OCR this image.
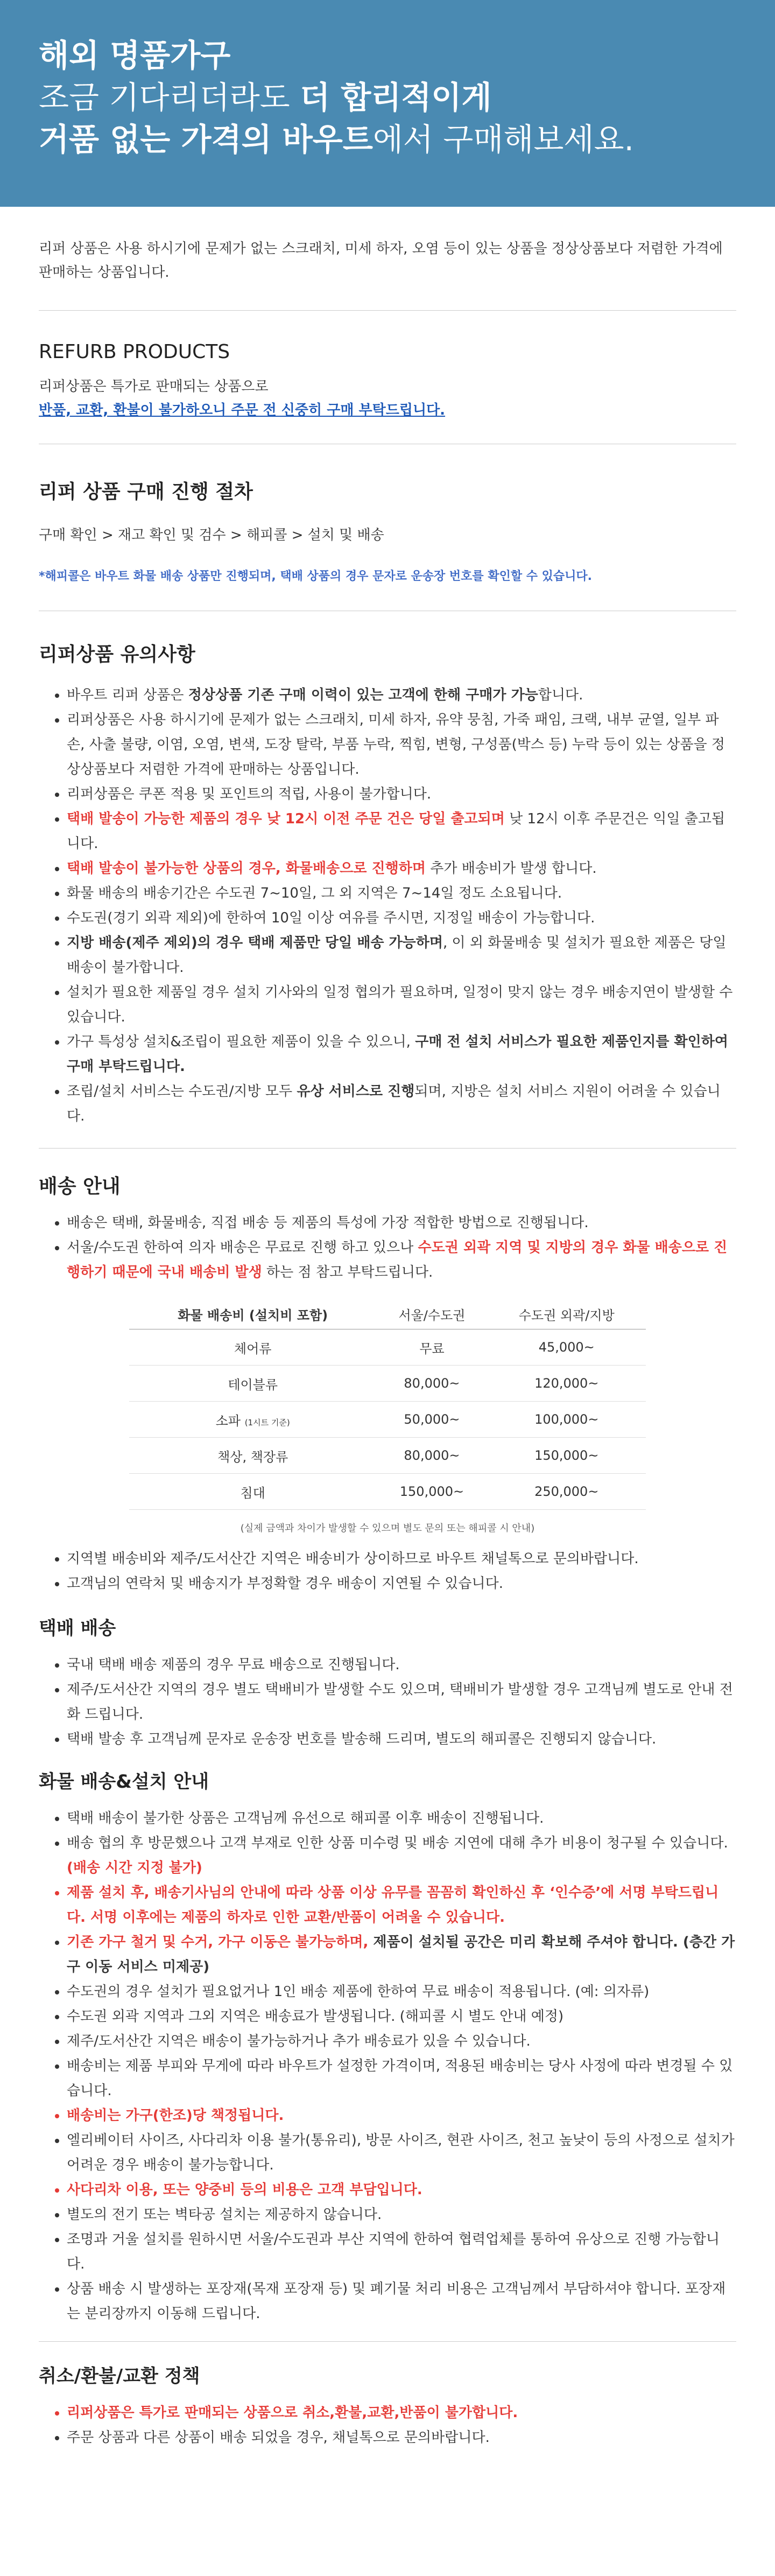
해외 명품가구
조금 기다리더라도 더 합리적이게
거품 없는 가격의 바우트에서 구매해보세요.
리퍼 상품은 사용 하시기에 문제가 없는 스크래치, 미세 하자, 오염 등이 있는 상품을 정상상품보다 저렴한 가격에 판매하는 상품입니다.
REFURB PRODUCTS

리퍼상품은 특가로 판매되는 상품으로

반품, 교환, 환불이 불가하오니 주문 전 신중히 구매 부탁드립니다.

리퍼 상품 구매 진행 절차

구매 확인 > 재고 확인 및 검수 > 해피콜 > 설치 및 배송

*해피콜은 바우트 화물 배송 상품만 진행되며, 택배 상품의 경우 문자로 운송장 번호를 확인할 수 있습니다.
리퍼상품 유의사항
• 바우트 리퍼 상품은 정상상품 기존 구매 이력이 있는 고객에 한해 구매가 가능합니다.
• 리퍼상품은 사용 하시기에 문제가 없는 스크래치, 미세 하자, 유약 뭉침, 가죽 패임, 크랙, 내부 균열, 일부 파손, 사출 불량, 이염, 오염, 변색, 도장 탈락, 부품 누락, 찍힘, 변형, 구성품(박스 등) 누락 등이 있는 상품을 정상상품보다 저렴한 가격에 판매하는 상품입니다.
• 리퍼상품은 쿠폰 적용 및 포인트의 적립, 사용이 불가합니다.
• 택배 발송이 가능한 제품의 경우 낮 12시 이전 주문 건은 당일 출고되며 낮 12시 이후 주문건은 익일 출고됩니다.
• 택배 발송이 불가능한 상품의 경우, 화물배송으로 진행하며 추가 배송비가 발생 합니다.
• 화물 배송의 배송기간은 수도권 7~10일, 그 외 지역은 7~14일 정도 소요됩니다.
• 수도권(경기 외곽 제외)에 한하여 10일 이상 여유를 주시면, 지정일 배송이 가능합니다.
• 지방 배송(제주 제외)의 경우 택배 제품만 당일 배송 가능하며, 이 외 화물배송 및 설치가 필요한 제품은 당일 배송이 불가합니다.
• 설치가 필요한 제품일 경우 설치 기사와의 일정 협의가 필요하며, 일정이 맞지 않는 경우 배송지연이 발생할 수 있습니다.
• 가구 특성상 설치&조립이 필요한 제품이 있을 수 있으니, 구매 전 설치 서비스가 필요한 제품인지를 확인하여 구매 부탁드립니다.
• 조립/설치 서비스는 수도권/지방 모두 유상 서비스로 진행되며, 지방은 설치 서비스 지원이 어려울 수 있습니다.
배송 안내
• 배송은 택배, 화물배송, 직접 배송 등 제품의 특성에 가장 적합한 방법으로 진행됩니다.
• 서울/수도권 한하여 의자 배송은 무료로 진행 하고 있으나 수도권 외곽 지역 및 지방의 경우 화물 배송으로 진행하기 때문에 국내 배송비 발생 하는 점 참고 부탁드립니다.
화물 배송비 (설치비 포함)	서울/수도권	수도권 외곽/지방
체어류	무료	45,000~
테이블류	80,000~	120,000~
소파 (1시트 기준)	50,000~	100,000~
책상, 책장류	80,000~	150,000~
침대	150,000~	250,000~
(실제 금액과 차이가 발생할 수 있으며 별도 문의 또는 해피콜 시 안내)
• 지역별 배송비와 제주/도서산간 지역은 배송비가 상이하므로 바우트 채널톡으로 문의바랍니다.
• 고객님의 연락처 및 배송지가 부정확할 경우 배송이 지연될 수 있습니다.
택배 배송
• 국내 택배 배송 제품의 경우 무료 배송으로 진행됩니다.
• 제주/도서산간 지역의 경우 별도 택배비가 발생할 수도 있으며, 택배비가 발생할 경우 고객님께 별도로 안내 전화 드립니다.
• 택배 발송 후 고객님께 문자로 운송장 번호를 발송해 드리며, 별도의 해피콜은 진행되지 않습니다.
화물 배송&설치 안내
• 택배 배송이 불가한 상품은 고객님께 유선으로 해피콜 이후 배송이 진행됩니다.
• 배송 협의 후 방문했으나 고객 부재로 인한 상품 미수령 및 배송 지연에 대해 추가 비용이 청구될 수 있습니다. (배송 시간 지정 불가)
• 제품 설치 후, 배송기사님의 안내에 따라 상품 이상 유무를 꼼꼼히 확인하신 후 ‘인수증’에 서명 부탁드립니다. 서명 이후에는 제품의 하자로 인한 교환/반품이 어려울 수 있습니다.
• 기존 가구 철거 및 수거, 가구 이동은 불가능하며, 제품이 설치될 공간은 미리 확보해 주셔야 합니다. (층간 가구 이동 서비스 미제공)
• 수도권의 경우 설치가 필요없거나 1인 배송 제품에 한하여 무료 배송이 적용됩니다. (예: 의자류)
• 수도권 외곽 지역과 그외 지역은 배송료가 발생됩니다. (해피콜 시 별도 안내 예정)
• 제주/도서산간 지역은 배송이 불가능하거나 추가 배송료가 있을 수 있습니다.
• 배송비는 제품 부피와 무게에 따라 바우트가 설정한 가격이며, 적용된 배송비는 당사 사정에 따라 변경될 수 있습니다.
• 배송비는 가구(한조)당 책정됩니다.
• 엘리베이터 사이즈, 사다리차 이용 불가(통유리), 방문 사이즈, 현관 사이즈, 천고 높낮이 등의 사정으로 설치가 어려운 경우 배송이 불가능합니다.
• 사다리차 이용, 또는 양중비 등의 비용은 고객 부담입니다.
• 별도의 전기 또는 벽타공 설치는 제공하지 않습니다.
• 조명과 거울 설치를 원하시면 서울/수도권과 부산 지역에 한하여 협력업체를 통하여 유상으로 진행 가능합니다.
• 상품 배송 시 발생하는 포장재(목재 포장재 등) 및 폐기물 처리 비용은 고객님께서 부담하셔야 합니다. 포장재는 분리장까지 이동해 드립니다.
취소/환불/교환 정책
• 리퍼상품은 특가로 판매되는 상품으로 취소,환불,교환,반품이 불가합니다.
• 주문 상품과 다른 상품이 배송 되었을 경우, 채널톡으로 문의바랍니다.
